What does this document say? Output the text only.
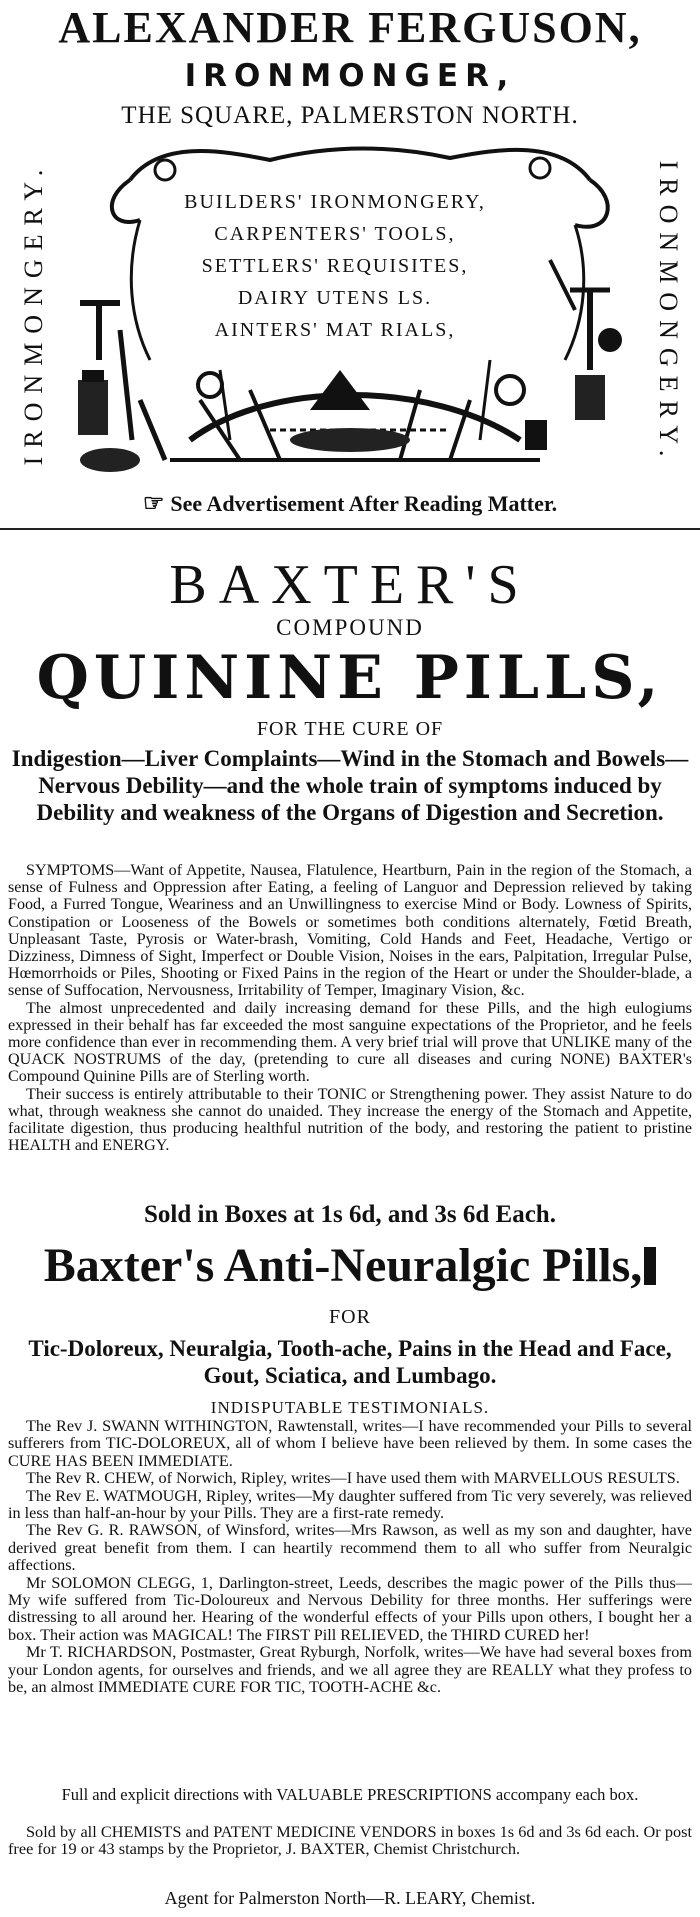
ALEXANDER FERGUSON,
IRONMONGER,
THE SQUARE, PALMERSTON NORTH.
IRONMONGERY.	IRONMONGERY.
BUILDERS' IRONMONGERY,
CARPENTERS' TOOLS,
SETTLERS' REQUISITES,
DAIRY UTENS LS.
AINTERS' MAT RIALS,
☞ See Advertisement After Reading Matter.
BAXTER'S
COMPOUND
QUININE PILLS,
FOR THE CURE OF
Indigestion—Liver Complaints—Wind in the Stomach and Bowels—Nervous Debility—and the whole train of symptoms induced by Debility and weakness of the Organs of Digestion and Secretion.

SYMPTOMS—Want of Appetite, Nausea, Flatulence, Heartburn, Pain in the region of the Stomach, a sense of Fulness and Oppression after Eating, a feeling of Languor and Depression relieved by taking Food, a Furred Tongue, Weariness and an Unwillingness to exercise Mind or Body. Lowness of Spirits, Constipation or Looseness of the Bowels or sometimes both conditions alternately, Fœtid Breath, Unpleasant Taste, Pyrosis or Water-brash, Vomiting, Cold Hands and Feet, Headache, Vertigo or Dizziness, Dimness of Sight, Imperfect or Double Vision, Noises in the ears, Palpitation, Irregular Pulse, Hœmorrhoids or Piles, Shooting or Fixed Pains in the region of the Heart or under the Shoulder-blade, a sense of Suffocation, Nervousness, Irritability of Temper, Imaginary Vision, &c.

The almost unprecedented and daily increasing demand for these Pills, and the high eulogiums expressed in their behalf has far exceeded the most sanguine expectations of the Proprietor, and he feels more confidence than ever in recommending them. A very brief trial will prove that UNLIKE many of the QUACK NOSTRUMS of the day, (pretending to cure all diseases and curing NONE) BAXTER's Compound Quinine Pills are of Sterling worth.

Their success is entirely attributable to their TONIC or Strengthening power. They assist Nature to do what, through weakness she cannot do unaided. They increase the energy of the Stomach and Appetite, facilitate digestion, thus producing healthful nutrition of the body, and restoring the patient to pristine HEALTH and ENERGY.

Sold in Boxes at 1s 6d, and 3s 6d Each.
Baxter's Anti-Neuralgic Pills,
FOR
Tic-Doloreux, Neuralgia, Tooth-ache, Pains in the Head and Face, Gout, Sciatica, and Lumbago.
INDISPUTABLE TESTIMONIALS.

The Rev J. SWANN WITHINGTON, Rawtenstall, writes—I have recommended your Pills to several sufferers from TIC-DOLOREUX, all of whom I believe have been relieved by them. In some cases the CURE HAS BEEN IMMEDIATE.

The Rev R. CHEW, of Norwich, Ripley, writes—I have used them with MARVELLOUS RESULTS.

The Rev E. WATMOUGH, Ripley, writes—My daughter suffered from Tic very severely, was relieved in less than half-an-hour by your Pills. They are a first-rate remedy.

The Rev G. R. RAWSON, of Winsford, writes—Mrs Rawson, as well as my son and daughter, have derived great benefit from them. I can heartily recommend them to all who suffer from Neuralgic affections.

Mr SOLOMON CLEGG, 1, Darlington-street, Leeds, describes the magic power of the Pills thus—My wife suffered from Tic-Doloureux and Nervous Debility for three months. Her sufferings were distressing to all around her. Hearing of the wonderful effects of your Pills upon others, I bought her a box. Their action was MAGICAL! The FIRST Pill RELIEVED, the THIRD CURED her!

Mr T. RICHARDSON, Postmaster, Great Ryburgh, Norfolk, writes—We have had several boxes from your London agents, for ourselves and friends, and we all agree they are REALLY what they profess to be, an almost IMMEDIATE CURE FOR TIC, TOOTH-ACHE &c.

Full and explicit directions with VALUABLE PRESCRIPTIONS accompany each box.

Sold by all CHEMISTS and PATENT MEDICINE VENDORS in boxes 1s 6d and 3s 6d each. Or post free for 19 or 43 stamps by the Proprietor, J. BAXTER, Chemist Christchurch.

Agent for Palmerston North—R. LEARY, Chemist.
